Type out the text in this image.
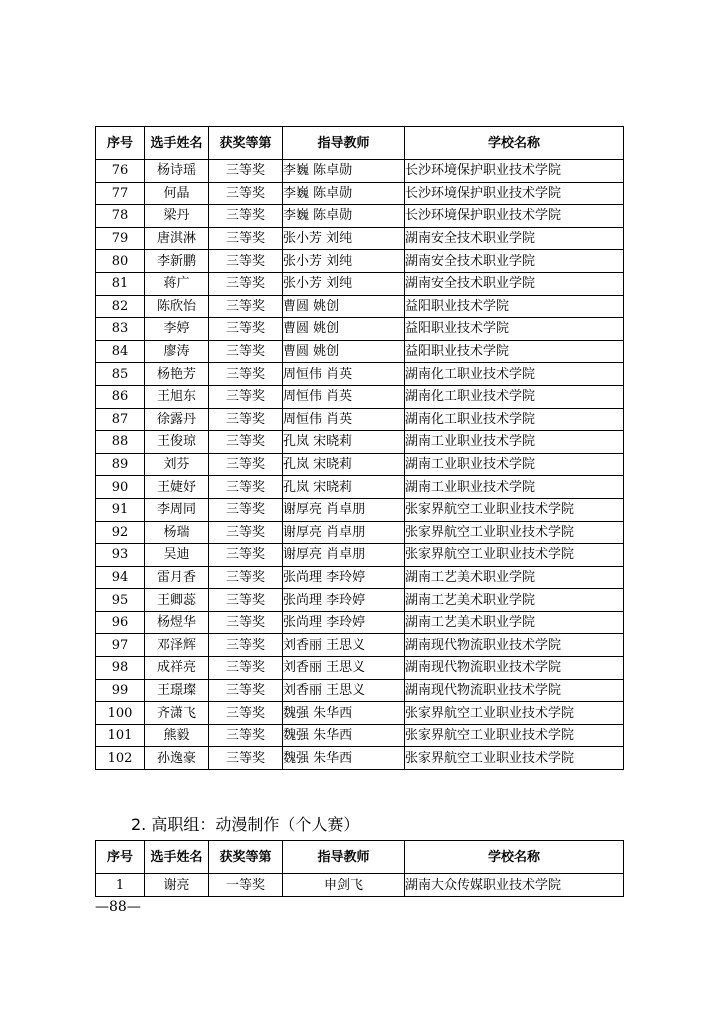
序号	选手姓名	获奖等第	指导教师	学校名称
76	杨诗瑶	三等奖	李巍 陈卓勋	长沙环境保护职业技术学院
77	何晶	三等奖	李巍 陈卓勋	长沙环境保护职业技术学院
78	梁丹	三等奖	李巍 陈卓勋	长沙环境保护职业技术学院
79	唐淇淋	三等奖	张小芳 刘纯	湖南安全技术职业学院
80	李新鹏	三等奖	张小芳 刘纯	湖南安全技术职业学院
81	蒋广	三等奖	张小芳 刘纯	湖南安全技术职业学院
82	陈欣怡	三等奖	曹圆 姚创	益阳职业技术学院
83	李婷	三等奖	曹圆 姚创	益阳职业技术学院
84	廖涛	三等奖	曹圆 姚创	益阳职业技术学院
85	杨艳芳	三等奖	周恒伟 肖英	湖南化工职业技术学院
86	王旭东	三等奖	周恒伟 肖英	湖南化工职业技术学院
87	徐露丹	三等奖	周恒伟 肖英	湖南化工职业技术学院
88	王俊琼	三等奖	孔岚 宋晓莉	湖南工业职业技术学院
89	刘芬	三等奖	孔岚 宋晓莉	湖南工业职业技术学院
90	王婕妤	三等奖	孔岚 宋晓莉	湖南工业职业技术学院
91	李周同	三等奖	谢厚亮 肖卓朋	张家界航空工业职业技术学院
92	杨瑞	三等奖	谢厚亮 肖卓朋	张家界航空工业职业技术学院
93	吴迪	三等奖	谢厚亮 肖卓朋	张家界航空工业职业技术学院
94	雷月香	三等奖	张尚理 李玲婷	湖南工艺美术职业学院
95	王卿蕊	三等奖	张尚理 李玲婷	湖南工艺美术职业学院
96	杨煜华	三等奖	张尚理 李玲婷	湖南工艺美术职业学院
97	邓泽辉	三等奖	刘香丽 王思义	湖南现代物流职业技术学院
98	成祥亮	三等奖	刘香丽 王思义	湖南现代物流职业技术学院
99	王璟璨	三等奖	刘香丽 王思义	湖南现代物流职业技术学院
100	齐潇飞	三等奖	魏强 朱华西	张家界航空工业职业技术学院
101	熊毅	三等奖	魏强 朱华西	张家界航空工业职业技术学院
102	孙逸豪	三等奖	魏强 朱华西	张家界航空工业职业技术学院
2. 高职组：动漫制作（个人赛）
序号	选手姓名	获奖等第	指导教师	学校名称
1	谢亮	一等奖	申剑飞	湖南大众传媒职业技术学院
—88—
